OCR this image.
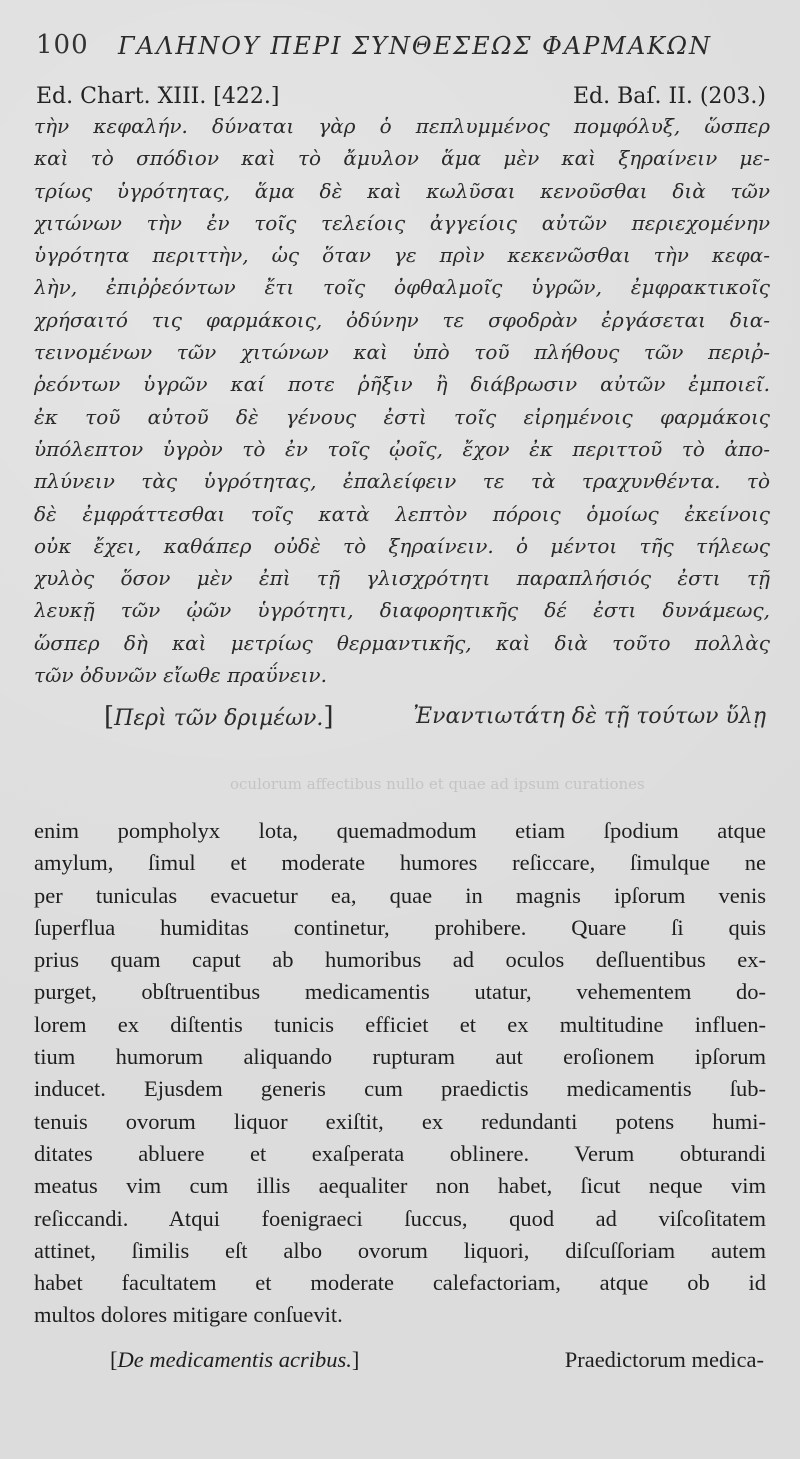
100 ΓΑΛΗΝΟΥ ΠΕΡΙ ΣΥΝΘΕΣΕΩΣ ΦΑΡΜΑΚΩΝ
Ed. Chart. XIII. [422.]	Ed. Baſ. II. (203.)
τὴν κεφαλήν. δύναται γὰρ ὁ πεπλυμμένος πομφόλυξ, ὥσπερ
καὶ τὸ σπόδιον καὶ τὸ ἄμυλον ἅμα μὲν καὶ ξηραίνειν με-
τρίως ὑγρότητας, ἅμα δὲ καὶ κωλῦσαι κενοῦσθαι διὰ τῶν
χιτώνων τὴν ἐν τοῖς τελείοις ἀγγείοις αὐτῶν περιεχομένην
ὑγρότητα περιττὴν, ὡς ὅταν γε πρὶν κεκενῶσθαι τὴν κεφα-
λὴν, ἐπιῤῥεόντων ἔτι τοῖς ὀφθαλμοῖς ὑγρῶν, ἐμφρακτικοῖς
χρήσαιτό τις φαρμάκοις, ὀδύνην τε σφοδρὰν ἐργάσεται δια-
τεινομένων τῶν χιτώνων καὶ ὑπὸ τοῦ πλήθους τῶν περιῤ-
ῥεόντων ὑγρῶν καί ποτε ῥῆξιν ἢ διάβρωσιν αὐτῶν ἐμποιεῖ.
ἐκ τοῦ αὐτοῦ δὲ γένους ἐστὶ τοῖς εἰρημένοις φαρμάκοις
ὑπόλεπτον ὑγρὸν τὸ ἐν τοῖς ᾠοῖς, ἔχον ἐκ περιττοῦ τὸ ἀπο-
πλύνειν τὰς ὑγρότητας, ἐπαλείφειν τε τὰ τραχυνθέντα. τὸ
δὲ ἐμφράττεσθαι τοῖς κατὰ λεπτὸν πόροις ὁμοίως ἐκείνοις
οὐκ ἔχει, καθάπερ οὐδὲ τὸ ξηραίνειν. ὁ μέντοι τῆς τήλεως
χυλὸς ὅσον μὲν ἐπὶ τῇ γλισχρότητι παραπλήσιός ἐστι τῇ
λευκῇ τῶν ᾠῶν ὑγρότητι, διαφορητικῆς δέ ἐστι δυνάμεως,
ὥσπερ δὴ καὶ μετρίως θερμαντικῆς, καὶ διὰ τοῦτο πολλὰς
τῶν ὀδυνῶν εἴωθε πραΰνειν.
[Περὶ τῶν δριμέων.]	Ἐναντιωτάτη δὲ τῇ τούτων ὕλῃ
oculorum affectibus nullo et quae ad ipsum curationes
enim pompholyx lota, quemadmodum etiam ſpodium atque
amylum, ſimul et moderate humores reſiccare, ſimulque ne
per tuniculas evacuetur ea, quae in magnis ipſorum venis
ſuperflua humiditas continetur, prohibere. Quare ſi quis
prius quam caput ab humoribus ad oculos deſluentibus ex-
purget, obſtruentibus medicamentis utatur, vehementem do-
lorem ex diſtentis tunicis efficiet et ex multitudine influen-
tium humorum aliquando rupturam aut eroſionem ipſorum
inducet. Ejusdem generis cum praedictis medicamentis ſub-
tenuis ovorum liquor exiſtit, ex redundanti potens humi-
ditates abluere et exaſperata oblinere. Verum obturandi
meatus vim cum illis aequaliter non habet, ſicut neque vim
reſiccandi. Atqui foenigraeci ſuccus, quod ad viſcoſitatem
attinet, ſimilis eſt albo ovorum liquori, diſcuſſoriam autem
habet facultatem et moderate calefactoriam, atque ob id
multos dolores mitigare conſuevit.
[De medicamentis acribus.]	Praedictorum medica-
